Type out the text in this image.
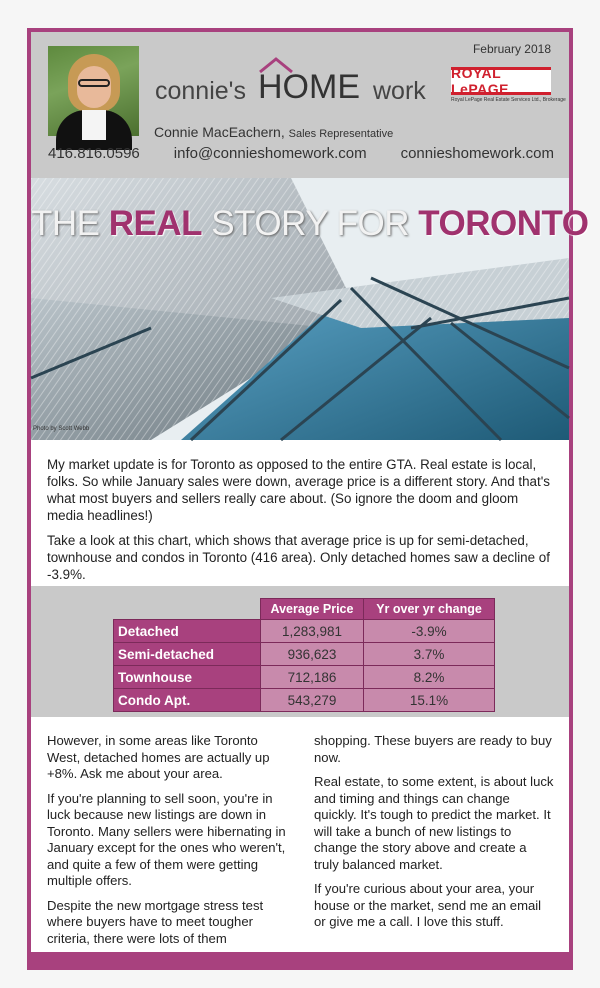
February 2018
connie's HOME work
ROYAL LePAGE
Royal LePage Real Estate Services Ltd., Brokerage
Connie MacEachern, Sales Representative
416.816.0596 info@connieshomework.com connieshomework.com
THE REAL STORY FOR TORONTO
Photo by Scott Webb

My market update is for Toronto as opposed to the entire GTA. Real estate is local, folks. So while January sales were down, average price is a different story. And that's what most buyers and sellers really care about. (So ignore the doom and gloom media headlines!)

Take a look at this chart, which shows that average price is up for semi-detached, townhouse and condos in Toronto (416 area). Only detached homes saw a decline of -3.9%.

	Average Price	Yr over yr change
Detached	1,283,981	-3.9%
Semi-detached	936,623	3.7%
Townhouse	712,186	8.2%
Condo Apt.	543,279	15.1%

However, in some areas like Toronto West, detached homes are actually up +8%. Ask me about your area.

If you're planning to sell soon, you're in luck because new listings are down in Toronto. Many sellers were hibernating in January except for the ones who weren't, and quite a few of them were getting multiple offers.

Despite the new mortgage stress test where buyers have to meet tougher criteria, there were lots of them

shopping. These buyers are ready to buy now.

Real estate, to some extent, is about luck and timing and things can change quickly. It's tough to predict the market. It will take a bunch of new listings to change the story above and create a truly balanced market.

If you're curious about your area, your house or the market, send me an email or give me a call. I love this stuff.
